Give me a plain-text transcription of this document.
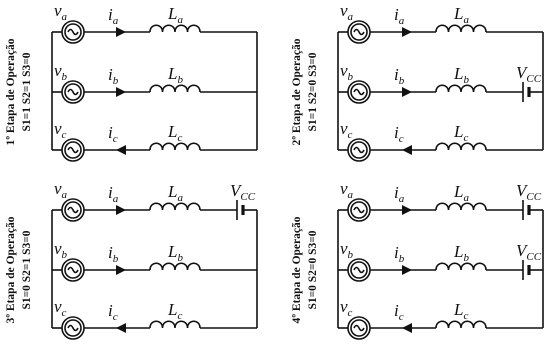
1º Etapa de Operação S1=1 S2=1 S3=0
$v_a$ $i_a$	$L_a$
$v_b$ $i_b$	$L_b$
$v_c$ $i_c$	$L_c$	2º Etapa de Operação S1=1 S2=0 S3=0
$v_a$ $i_a$	$L_a$
$V_{CC}$
$v_b$ $i_b$	$L_b$
$v_c$ $i_c$	$L_c$
3º Etapa de Operação S1=0 S2=1 S3=0
$V_{CC}$
$v_a$ $i_a$	$L_a$
$v_b$ $i_b$	$L_b$
$v_c$ $i_c$	$L_c$	4º Etapa de Operação S1=0 S2=0 S3=0
$V_{CC}$
$v_a$ $i_a$	$L_a$
$V_{CC}$
$v_b$ $i_b$	$L_b$
$v_c$ $i_c$	$L_c$
